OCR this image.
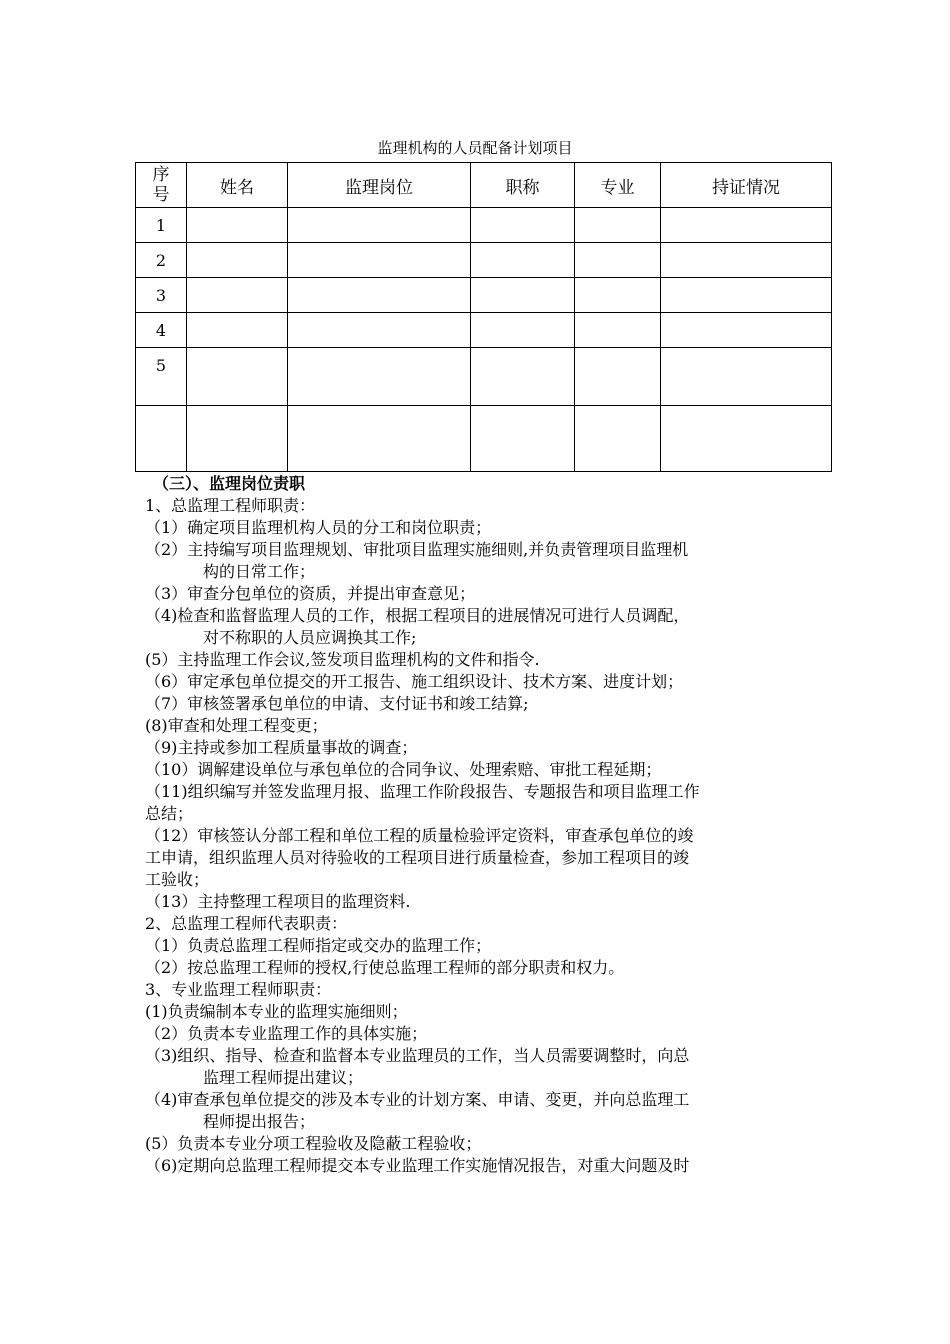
监理机构的人员配备计划项目
序号	姓名	监理岗位	职称	专业	持证情况
1					
2					
3					
4					
5					

（三）、监理岗位责职
1、总监理工程师职责：
（1）确定项目监理机构人员的分工和岗位职责；
（2）主持编写项目监理规划、审批项目监理实施细则,并负责管理项目监理机
构的日常工作；
（3）审查分包单位的资质，并提出审查意见；
（4)检查和监督监理人员的工作，根据工程项目的进展情况可进行人员调配，
对不称职的人员应调换其工作;
(5）主持监理工作会议,签发项目监理机构的文件和指令.
（6）审定承包单位提交的开工报告、施工组织设计、技术方案、进度计划；
（7）审核签署承包单位的申请、支付证书和竣工结算;
(8)审查和处理工程变更；
（9)主持或参加工程质量事故的调查；
（10）调解建设单位与承包单位的合同争议、处理索赔、审批工程延期；
（11)组织编写并签发监理月报、监理工作阶段报告、专题报告和项目监理工作
总结；
（12）审核签认分部工程和单位工程的质量检验评定资料，审查承包单位的竣
工申请，组织监理人员对待验收的工程项目进行质量检查，参加工程项目的竣
工验收；
（13）主持整理工程项目的监理资料.
2、总监理工程师代表职责：
（1）负责总监理工程师指定或交办的监理工作；
（2）按总监理工程师的授权,行使总监理工程师的部分职责和权力。
3、专业监理工程师职责：
(1)负责编制本专业的监理实施细则；
（2）负责本专业监理工作的具体实施；
（3)组织、指导、检查和监督本专业监理员的工作，当人员需要调整时，向总
监理工程师提出建议；
（4)审查承包单位提交的涉及本专业的计划方案、申请、变更，并向总监理工
程师提出报告；
(5）负责本专业分项工程验收及隐蔽工程验收；
（6)定期向总监理工程师提交本专业监理工作实施情况报告，对重大问题及时
